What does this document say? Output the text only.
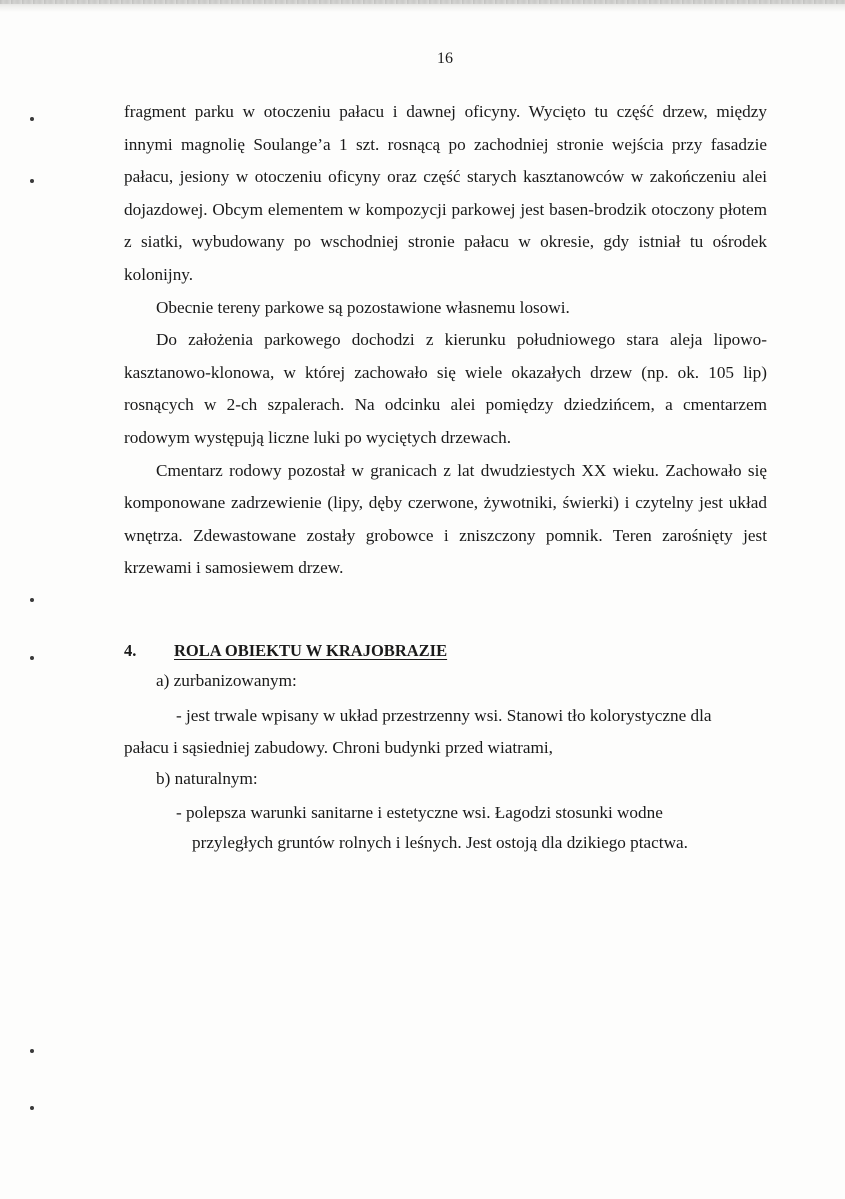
16

fragment parku w otoczeniu pałacu i dawnej oficyny. Wycięto tu część drzew, między innymi magnolię Soulange’a 1 szt. rosnącą po zachodniej stronie wejścia przy fasadzie pałacu, jesiony w otoczeniu oficyny oraz część starych kasztanowców w zakończeniu alei dojazdowej. Obcym elementem w kompozycji parkowej jest basen-brodzik otoczony płotem z siatki, wybudowany po wschodniej stronie pałacu w okresie, gdy istniał tu ośrodek kolonijny.

Obecnie tereny parkowe są pozostawione własnemu losowi.

Do założenia parkowego dochodzi z kierunku południowego stara aleja lipowo-kasztanowo-klonowa, w której zachowało się wiele okazałych drzew (np. ok. 105 lip) rosnących w 2-ch szpalerach. Na odcinku alei pomiędzy dziedzińcem, a cmentarzem rodowym występują liczne luki po wyciętych drzewach.

Cmentarz rodowy pozostał w granicach z lat dwudziestych XX wieku. Zachowało się komponowane zadrzewienie (lipy, dęby czerwone, żywotniki, świerki) i czytelny jest układ wnętrza. Zdewastowane zostały grobowce i zniszczony pomnik. Teren zarośnięty jest krzewami i samosiewem drzew.

4. ROLA OBIEKTU W KRAJOBRAZIE
a) zurbanizowanym:
- jest trwale wpisany w układ przestrzenny wsi. Stanowi tło kolorystyczne dla
pałacu i sąsiedniej zabudowy. Chroni budynki przed wiatrami,
b) naturalnym:
- polepsza warunki sanitarne i estetyczne wsi. Łagodzi stosunki wodne
przyległych gruntów rolnych i leśnych. Jest ostoją dla dzikiego ptactwa.
